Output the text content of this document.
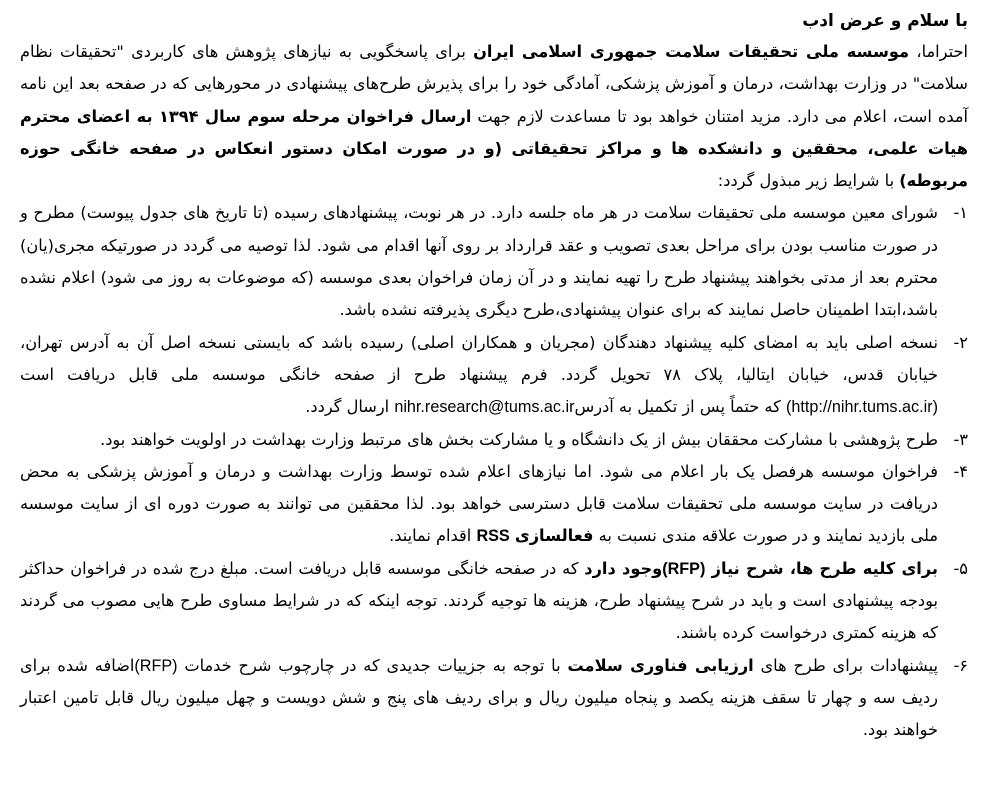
با سلام و عرض ادب

احتراما، موسسه ملی تحقیقات سلامت جمهوری اسلامی ایران برای پاسخگویی به نیازهای پژوهش های کاربردی "تحقیقات نظام سلامت" در وزارت بهداشت، درمان و آموزش پزشکی، آمادگی خود را برای پذیرش طرح‌های پیشنهادی در محورهایی که در صفحه بعد این نامه آمده است، اعلام می دارد. مزید امتنان خواهد بود تا مساعدت لازم جهت ارسال فراخوان مرحله سوم سال ۱۳۹۴ به اعضای محترم هیات علمی، محققین و دانشکده ها و مراکز تحقیقاتی (و در صورت امکان دستور انعکاس در صفحه خانگی حوزه مربوطه) با شرایط زیر مبذول گردد:

۱-
شورای معین موسسه ملی تحقیقات سلامت در هر ماه جلسه دارد. در هر نوبت، پیشنهادهای رسیده (تا تاریخ های جدول پیوست) مطرح و در صورت مناسب بودن برای مراحل بعدی تصویب و عقد قرارداد بر روی آنها اقدام می شود. لذا توصیه می گردد در صورتیکه مجری(یان) محترم بعد از مدتی بخواهند پیشنهاد طرح را تهیه نمایند و در آن زمان فراخوان بعدی موسسه (که موضوعات به روز می شود) اعلام نشده باشد،ابتدا اطمینان حاصل نمایند که برای عنوان پیشنهادی،طرح دیگری پذیرفته نشده باشد.
۲-
نسخه اصلی باید به امضای کلیه پیشنهاد دهندگان (مجریان و همکاران اصلی) رسیده باشد که بایستی نسخه اصل آن به آدرس تهران، خیابان قدس، خیابان ایتالیا، پلاک ۷۸ تحویل گردد. فرم پیشنهاد طرح از صفحه خانگی موسسه ملی قابل دریافت است (http://nihr.tums.ac.ir) که حتماً پس از تکمیل به آدرسnihr.research@tums.ac.ir ارسال گردد.
۳-
طرح پژوهشی با مشارکت محققان بیش از یک دانشگاه و یا مشارکت بخش های مرتبط وزارت بهداشت در اولویت خواهند بود.
۴-
فراخوان موسسه هرفصل یک بار اعلام می شود. اما نیازهای اعلام شده توسط وزارت بهداشت و درمان و آموزش پزشکی به محض دریافت در سایت موسسه ملی تحقیقات سلامت قابل دسترسی خواهد بود. لذا محققین می توانند به صورت دوره ای از سایت موسسه ملی بازدید نمایند و در صورت علاقه مندی نسبت به فعالسازی RSS اقدام نمایند.
۵-
برای کلیه طرح ها، شرح نیاز (RFP)وجود دارد که در صفحه خانگی موسسه قابل دریافت است. مبلغ درج شده در فراخوان حداکثر بودجه پیشنهادی است و باید در شرح پیشنهاد طرح، هزینه ها توجیه گردند. توجه اینکه که در شرایط مساوی طرح هایی مصوب می گردند که هزینه کمتری درخواست کرده باشند.
۶-
پیشنهادات برای طرح های ارزیابی فناوری سلامت با توجه به جزییات جدیدی که در چارچوب شرح خدمات (RFP)اضافه شده برای ردیف سه و چهار تا سقف هزینه یکصد و پنجاه میلیون ریال و برای ردیف های پنج و شش دویست و چهل میلیون ریال قابل تامین اعتبار خواهند بود.
